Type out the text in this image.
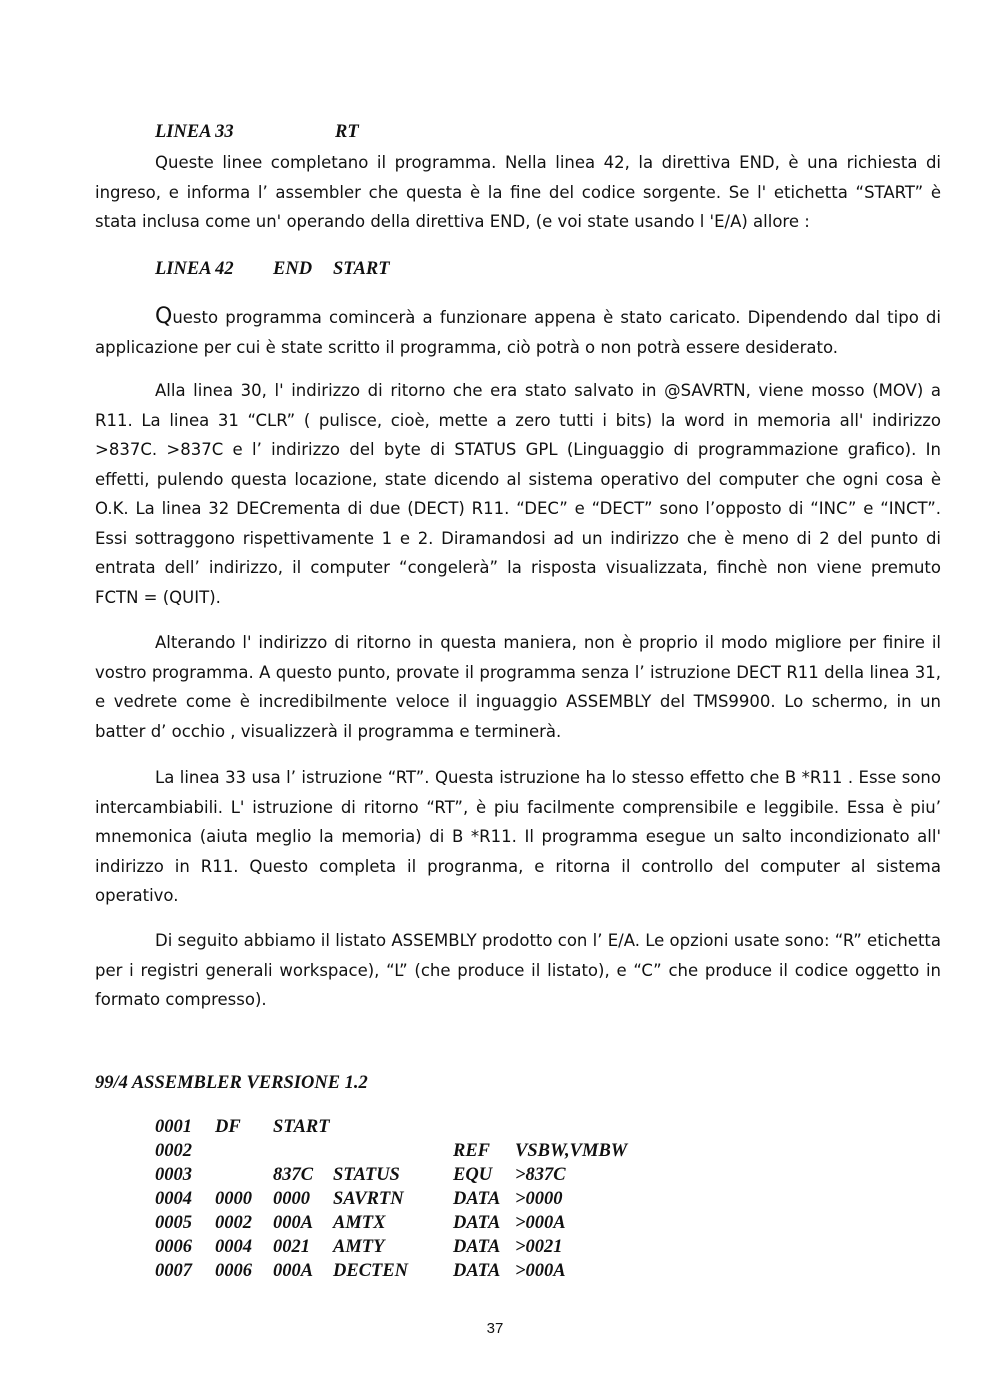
LINEA 33	RT

Queste linee completano il programma. Nella linea 42, la direttiva END, è una richiesta di ingreso, e informa l’ assembler che questa è la fine del codice sorgente. Se l' etichetta “START” è stata inclusa come un' operando della direttiva END, (e voi state usando l 'E/A) allore :

LINEA 42 END START

Questo programma comincerà a funzionare appena è stato caricato. Dipendendo dal tipo di applicazione per cui è state scritto il programma, ciò potrà o non potrà essere desiderato.

Alla linea 30, l' indirizzo di ritorno che era stato salvato in @SAVRTN, viene mosso (MOV) a R11. La linea 31 “CLR” ( pulisce, cioè, mette a zero tutti i bits) la word in memoria all' indirizzo >837C. >837C e l’ indirizzo del byte di STATUS GPL (Linguaggio di programmazione grafico). In effetti, pulendo questa locazione, state dicendo al sistema operativo del computer che ogni cosa è O.K. La linea 32 DECrementa di due (DECT) R11. “DEC” e “DECT” sono l’opposto di “INC” e “INCT”. Essi sottraggono rispettivamente 1 e 2. Diramandosi ad un indirizzo che è meno di 2 del punto di entrata dell’ indirizzo, il computer “congelerà” la risposta visualizzata, finchè non viene premuto FCTN = (QUIT).

Alterando l' indirizzo di ritorno in questa maniera, non è proprio il modo migliore per finire il vostro programma. A questo punto, provate il programma senza l’ istruzione DECT R11 della linea 31, e vedrete come è incredibilmente veloce il inguaggio ASSEMBLY del TMS9900. Lo schermo, in un batter d’ occhio , visualizzerà il programma e terminerà.

La linea 33 usa l’ istruzione “RT”. Questa istruzione ha lo stesso effetto che B *R11 . Esse sono intercambiabili. L' istruzione di ritorno “RT”, è piu facilmente comprensibile e leggibile. Essa è piu’ mnemonica (aiuta meglio la memoria) di B *R11. Il programma esegue un salto incondizionato all' indirizzo in R11. Questo completa il progranma, e ritorna il controllo del computer al sistema operativo.

Di seguito abbiamo il listato ASSEMBLY prodotto con l’ E/A. Le opzioni usate sono: “R” etichetta per i registri generali workspace), “L” (che produce il listato), e “C” che produce il codice oggetto in formato compresso).

99/4 ASSEMBLER VERSIONE 1.2
0001 DF START
0002	REF VSBW,VMBW
0003	837C STATUS	EQU >837C
0004 0000 0000 SAVRTN	DATA >0000
0005 0002 000A AMTX	DATA >000A
0006 0004 0021 AMTY	DATA >0021
0007 0006 000A DECTEN DATA >000A
37
